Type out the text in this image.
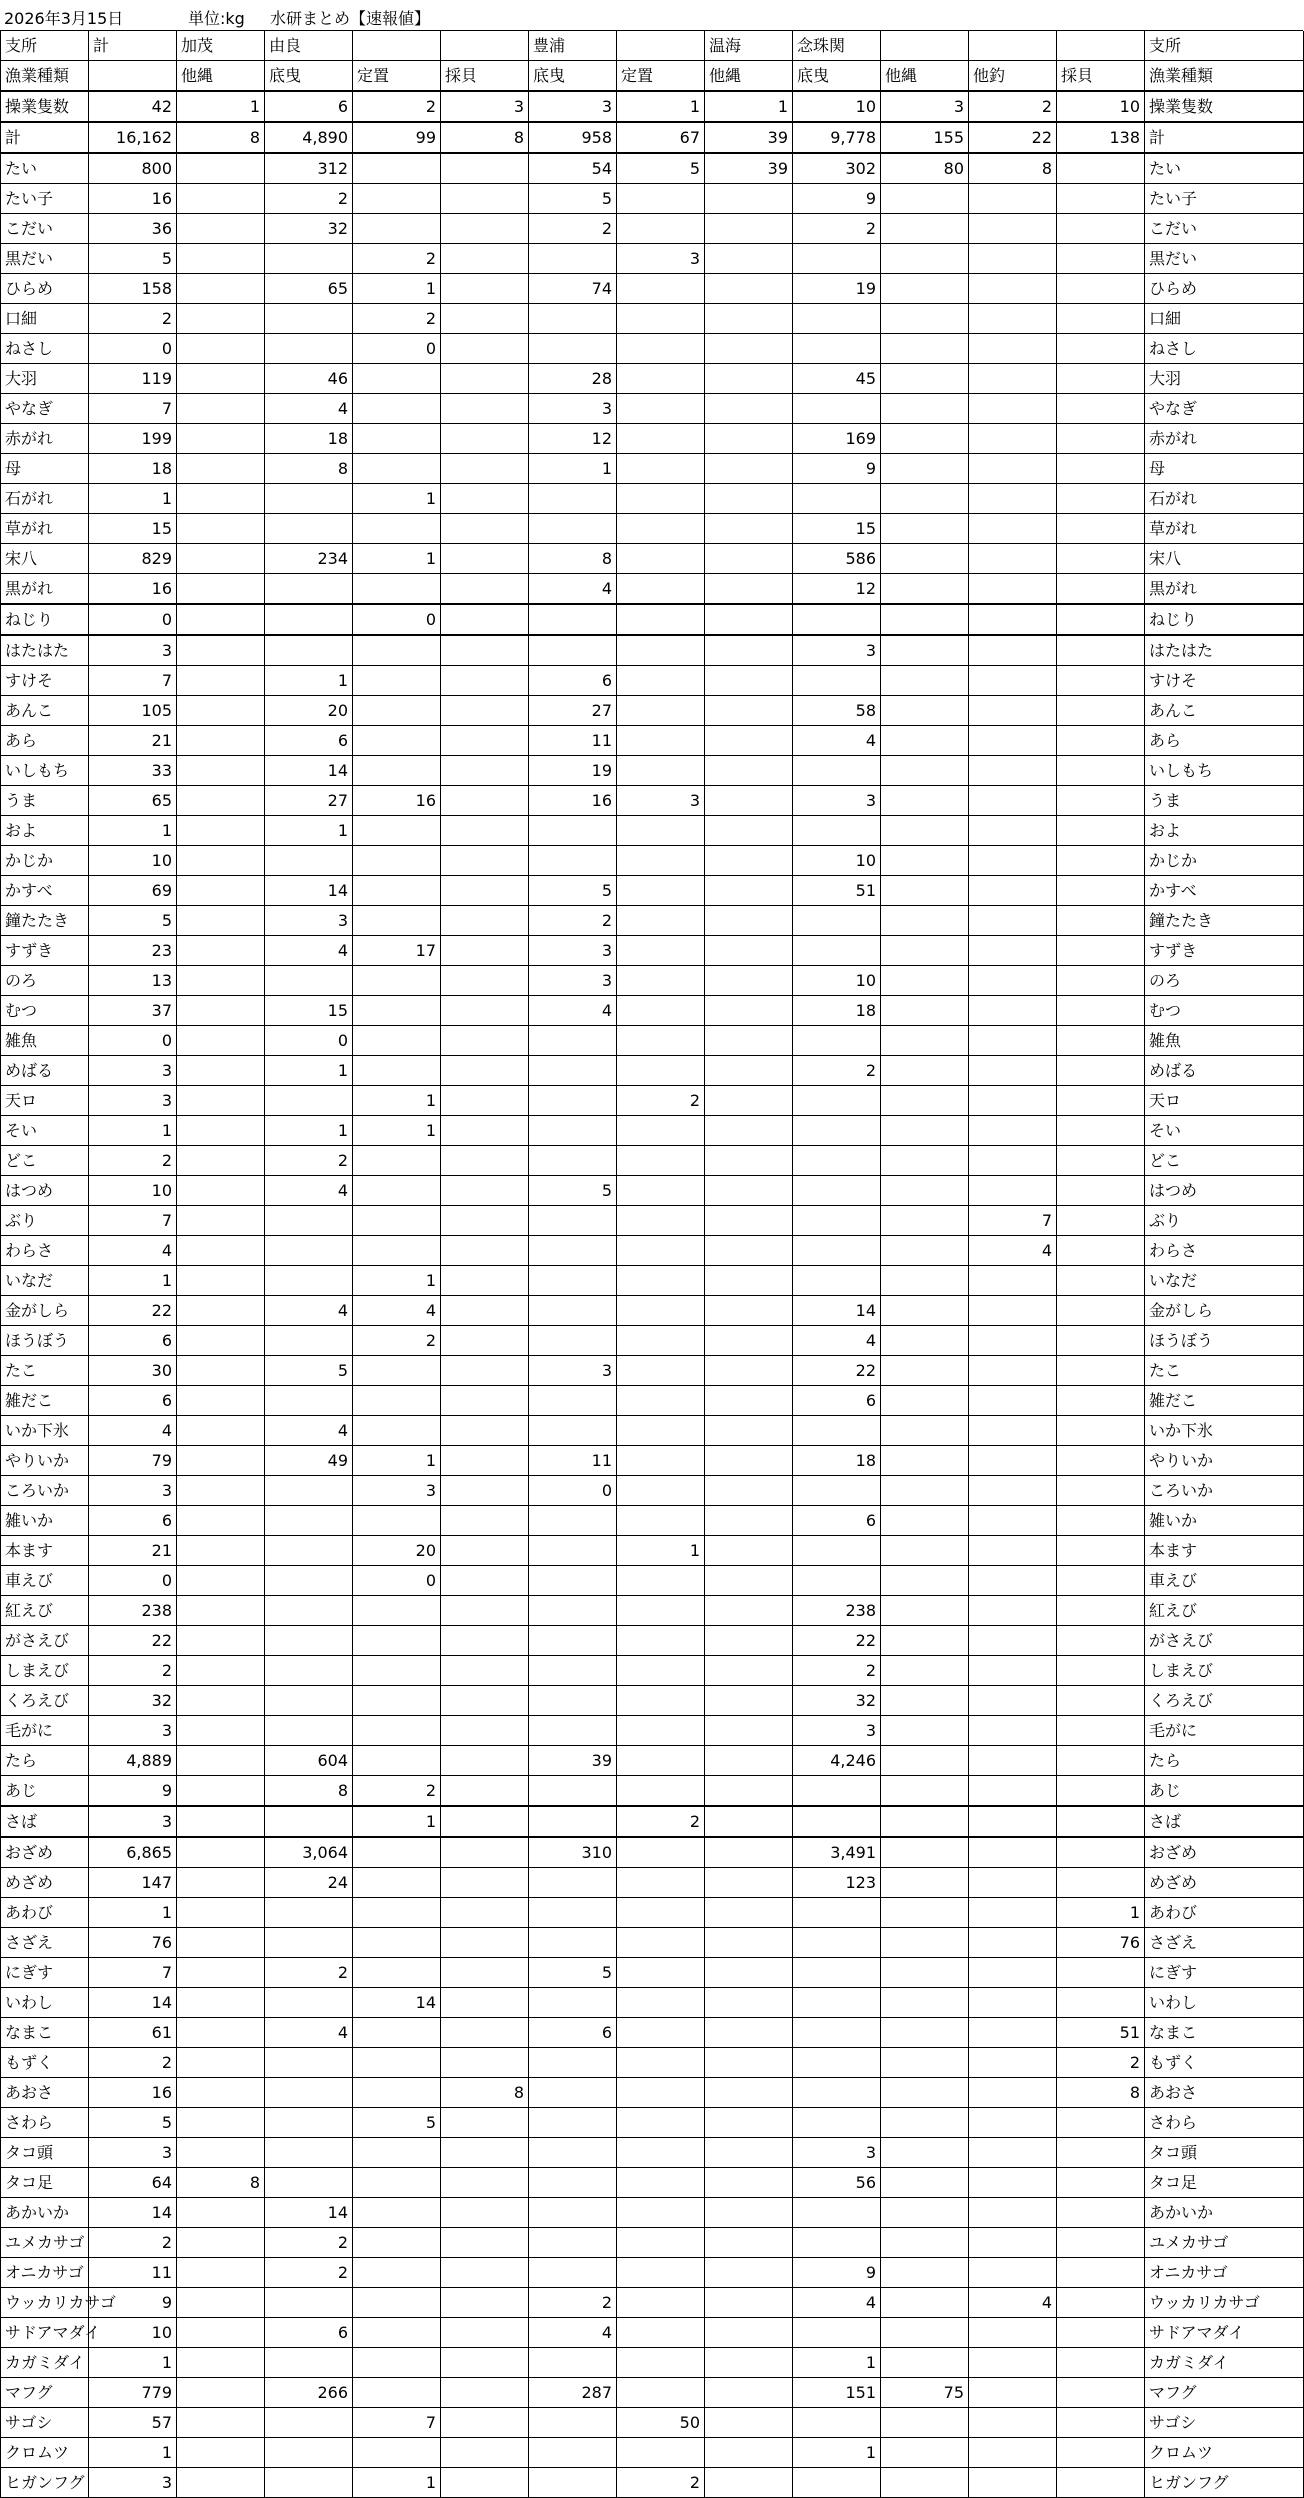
2026年3月15日	単位:kg 水研まとめ【速報値】
支所	計	加茂	由良			豊浦		温海	念珠関				支所
漁業種類		他縄	底曳	定置	採貝	底曳	定置	他縄	底曳	他縄	他釣	採貝	漁業種類
操業隻数	42	1	6	2	3	3	1	1	10	3	2	10	操業隻数
計	16,162	8	4,890	99	8	958	67	39	9,778	155	22	138	計
たい	800		312			54	5	39	302	80	8		たい
たい子	16		2			5			9				たい子
こだい	36		32			2			2				こだい
黒だい	5			2			3						黒だい
ひらめ	158		65	1		74			19				ひらめ
口細	2			2									口細
ねさし	0			0									ねさし
大羽	119		46			28			45				大羽
やなぎ	7		4			3							やなぎ
赤がれ	199		18			12			169				赤がれ
母	18		8			1			9				母
石がれ	1			1									石がれ
草がれ	15								15				草がれ
宋八	829		234	1		8			586				宋八
黒がれ	16					4			12				黒がれ
ねじり	0			0									ねじり
はたはた	3								3				はたはた
すけそ	7		1			6							すけそ
あんこ	105		20			27			58				あんこ
あら	21		6			11			4				あら
いしもち	33		14			19							いしもち
うま	65		27	16		16	3		3				うま
およ	1		1										およ
かじか	10								10				かじか
かすべ	69		14			5			51				かすべ
鐘たたき	5		3			2							鐘たたき
すずき	23		4	17		3							すずき
のろ	13					3			10				のろ
むつ	37		15			4			18				むつ
雑魚	0		0										雑魚
めばる	3		1						2				めばる
天ロ	3			1			2						天ロ
そい	1		1	1									そい
どこ	2		2										どこ
はつめ	10		4			5							はつめ
ぶり	7										7		ぶり
わらさ	4										4		わらさ
いなだ	1			1									いなだ
金がしら	22		4	4					14				金がしら
ほうぼう	6			2					4				ほうぼう
たこ	30		5			3			22				たこ
雑だこ	6								6				雑だこ
いか下氷	4		4										いか下氷
やりいか	79		49	1		11			18				やりいか
ころいか	3			3		0							ころいか
雑いか	6								6				雑いか
本ます	21			20			1						本ます
車えび	0			0									車えび
紅えび	238								238				紅えび
がさえび	22								22				がさえび
しまえび	2								2				しまえび
くろえび	32								32				くろえび
毛がに	3								3				毛がに
たら	4,889		604			39			4,246				たら
あじ	9		8	2									あじ
さば	3			1			2						さば
おざめ	6,865		3,064			310			3,491				おざめ
めざめ	147		24						123				めざめ
あわび	1											1	あわび
さざえ	76											76	さざえ
にぎす	7		2			5							にぎす
いわし	14			14									いわし
なまこ	61		4			6						51	なまこ
もずく	2											2	もずく
あおさ	16				8							8	あおさ
さわら	5			5									さわら
タコ頭	3								3				タコ頭
タコ足	64	8							56				タコ足
あかいか	14		14										あかいか
ユメカサゴ	2		2										ユメカサゴ
オニカサゴ	11		2						9				オニカサゴ
ウッカリカサゴ	9					2			4		4		ウッカリカサゴ
サドアマダイ	10		6			4							サドアマダイ
カガミダイ	1								1				カガミダイ
マフグ	779		266			287			151	75			マフグ
サゴシ	57			7			50						サゴシ
クロムツ	1								1				クロムツ
ヒガンフグ	3			1			2						ヒガンフグ
